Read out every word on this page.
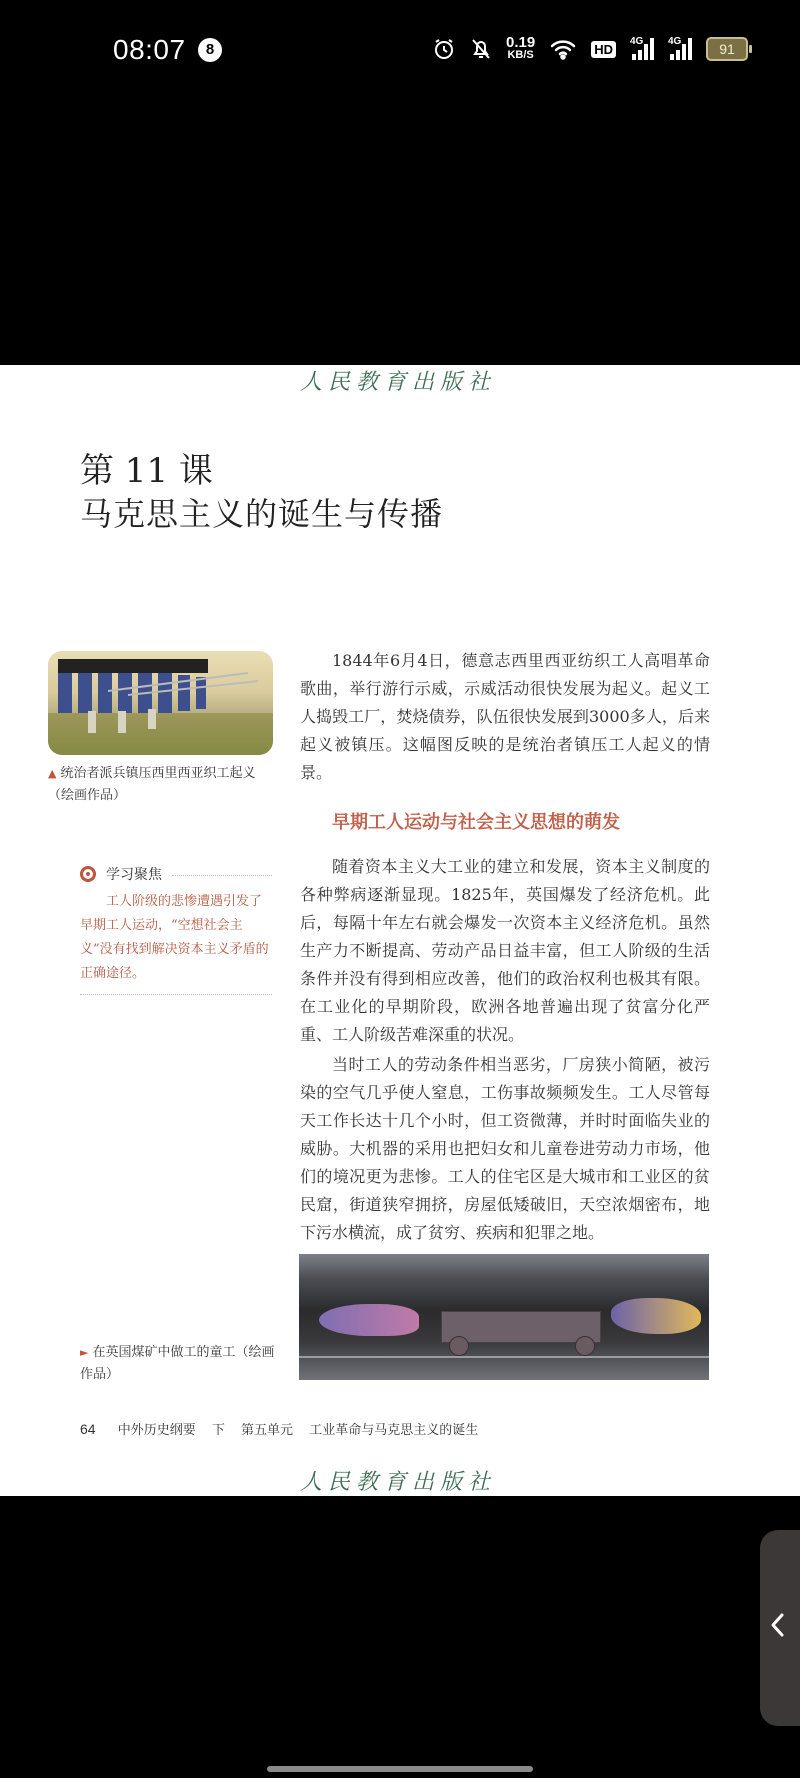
08:07	8	0.19
KB/S	HD	4G 4G	91
人民教育出版社
第 11 课
马克思主义的诞生与传播
▲ 统治者派兵镇压西里西亚织工起义（绘画作品）
1844年6月4日，德意志西里西亚纺织工人高唱革命歌曲，举行游行示威，示威活动很快发展为起义。起义工人捣毁工厂，焚烧债券，队伍很快发展到3000多人，后来起义被镇压。这幅图反映的是统治者镇压工人起义的情景。
早期工人运动与社会主义思想的萌发
学习聚焦
工人阶级的悲惨遭遇引发了早期工人运动，“空想社会主义”没有找到解决资本主义矛盾的正确途径。
随着资本主义大工业的建立和发展，资本主义制度的各种弊病逐渐显现。1825年，英国爆发了经济危机。此后，每隔十年左右就会爆发一次资本主义经济危机。虽然生产力不断提高、劳动产品日益丰富，但工人阶级的生活条件并没有得到相应改善，他们的政治权利也极其有限。在工业化的早期阶段，欧洲各地普遍出现了贫富分化严重、工人阶级苦难深重的状况。
当时工人的劳动条件相当恶劣，厂房狭小简陋，被污染的空气几乎使人窒息，工伤事故频频发生。工人尽管每天工作长达十几个小时，但工资微薄，并时时面临失业的威胁。大机器的采用也把妇女和儿童卷进劳动力市场，他们的境况更为悲惨。工人的住宅区是大城市和工业区的贫民窟，街道狭窄拥挤，房屋低矮破旧，天空浓烟密布，地下污水横流，成了贫穷、疾病和犯罪之地。
► 在英国煤矿中做工的童工（绘画作品）
64 中外历史纲要 下 第五单元 工业革命与马克思主义的诞生
人民教育出版社
